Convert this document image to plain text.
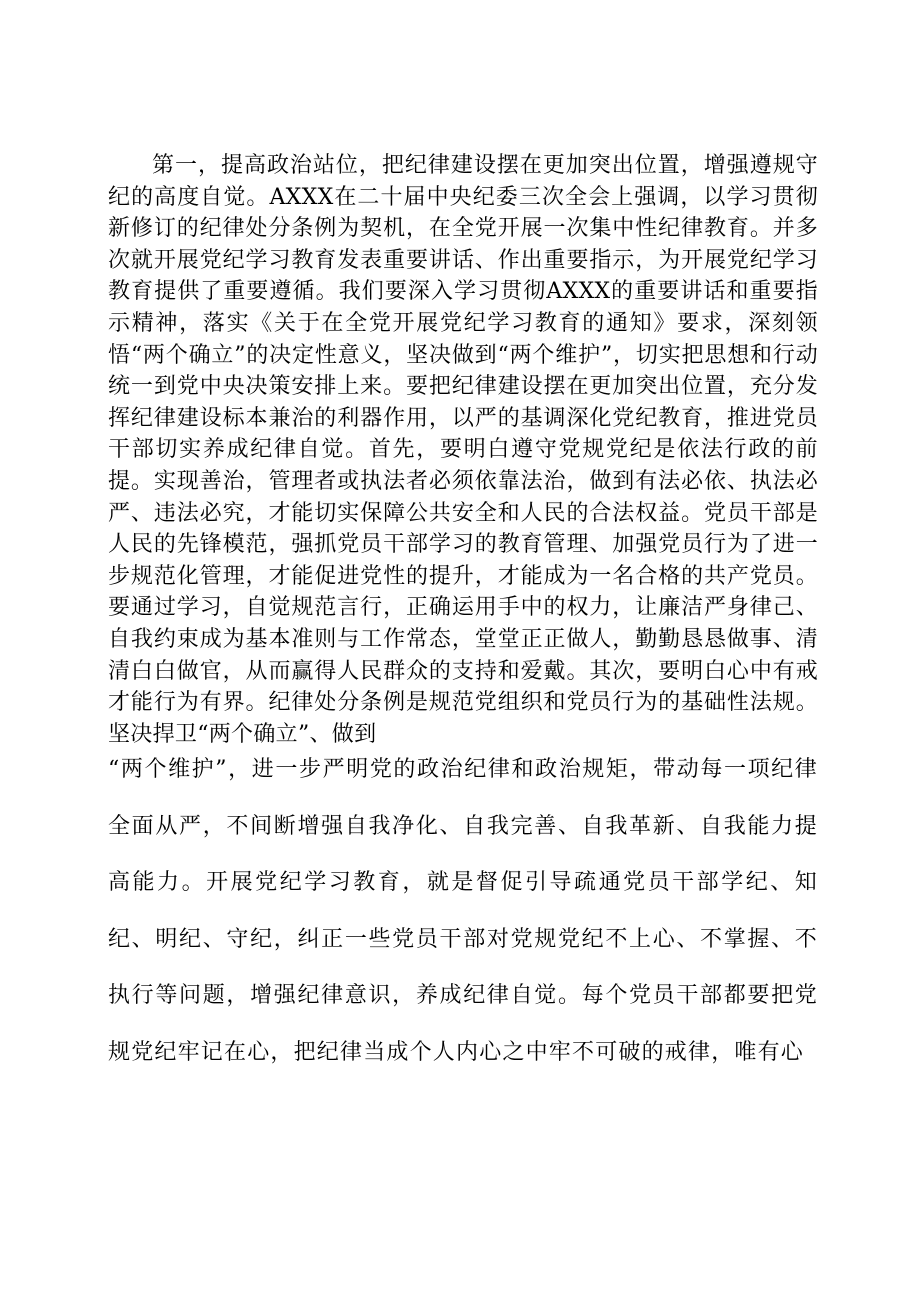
第一，提高政治站位，把纪律建设摆在更加突出位置，增强遵规守纪的高度自觉。AXXX在二十届中央纪委三次全会上强调，以学习贯彻新修订的纪律处分条例为契机，在全党开展一次集中性纪律教育。并多次就开展党纪学习教育发表重要讲话、作出重要指示，为开展党纪学习教育提供了重要遵循。我们要深入学习贯彻AXXX的重要讲话和重要指示精神，落实《关于在全党开展党纪学习教育的通知》要求，深刻领悟“两个确立”的决定性意义，坚决做到“两个维护”，切实把思想和行动统一到党中央决策安排上来。要把纪律建设摆在更加突出位置，充分发挥纪律建设标本兼治的利器作用，以严的基调深化党纪教育，推进党员干部切实养成纪律自觉。首先，要明白遵守党规党纪是依法行政的前提。实现善治，管理者或执法者必须依靠法治，做到有法必依、执法必严、违法必究，才能切实保障公共安全和人民的合法权益。党员干部是人民的先锋模范，强抓党员干部学习的教育管理、加强党员行为了进一步规范化管理，才能促进党性的提升，才能成为一名合格的共产党员。要通过学习，自觉规范言行，正确运用手中的权力，让廉洁严身律己、自我约束成为基本准则与工作常态，堂堂正正做人，勤勤恳恳做事、清清白白做官，从而赢得人民群众的支持和爱戴。其次，要明白心中有戒才能行为有界。纪律处分条例是规范党组织和党员行为的基础性法规。坚决捍卫“两个确立”、做到

“两个维护”，进一步严明党的政治纪律和政治规矩，带动每一项纪律全面从严，不间断增强自我净化、自我完善、自我革新、自我能力提高能力。开展党纪学习教育，就是督促引导疏通党员干部学纪、知纪、明纪、守纪，纠正一些党员干部对党规党纪不上心、不掌握、不执行等问题，增强纪律意识，养成纪律自觉。每个党员干部都要把党规党纪牢记在心，把纪律当成个人内心之中牢不可破的戒律，唯有心
